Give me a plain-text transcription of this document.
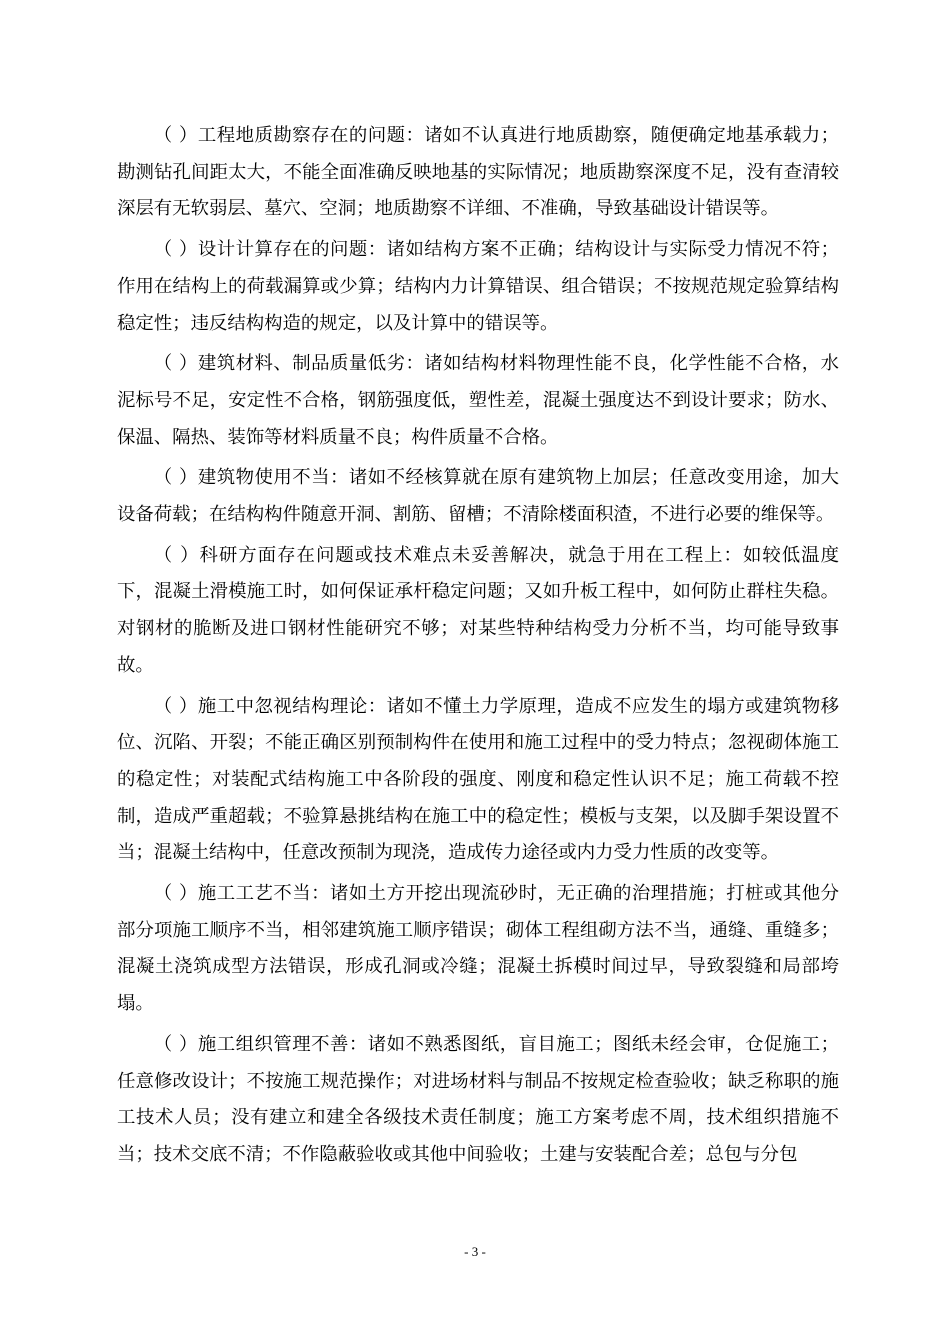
（ ）工程地质勘察存在的问题：诸如不认真进行地质勘察，随便确定地基承载力；勘测钻孔间距太大，不能全面准确反映地基的实际情况；地质勘察深度不足，没有查清较深层有无软弱层、墓穴、空洞；地质勘察不详细、不准确，导致基础设计错误等。

（ ）设计计算存在的问题：诸如结构方案不正确；结构设计与实际受力情况不符；作用在结构上的荷载漏算或少算；结构内力计算错误、组合错误；不按规范规定验算结构稳定性；违反结构构造的规定，以及计算中的错误等。

（ ）建筑材料、制品质量低劣：诸如结构材料物理性能不良，化学性能不合格，水泥标号不足，安定性不合格，钢筋强度低，塑性差，混凝土强度达不到设计要求；防水、保温、隔热、装饰等材料质量不良；构件质量不合格。

（ ）建筑物使用不当：诸如不经核算就在原有建筑物上加层；任意改变用途，加大设备荷载；在结构构件随意开洞、割筋、留槽；不清除楼面积渣，不进行必要的维保等。

（ ）科研方面存在问题或技术难点未妥善解决，就急于用在工程上：如较低温度下，混凝土滑模施工时，如何保证承杆稳定问题；又如升板工程中，如何防止群柱失稳。对钢材的脆断及进口钢材性能研究不够；对某些特种结构受力分析不当，均可能导致事故。

（ ）施工中忽视结构理论：诸如不懂土力学原理，造成不应发生的塌方或建筑物移位、沉陷、开裂；不能正确区别预制构件在使用和施工过程中的受力特点；忽视砌体施工的稳定性；对装配式结构施工中各阶段的强度、刚度和稳定性认识不足；施工荷载不控制，造成严重超载；不验算悬挑结构在施工中的稳定性；模板与支架，以及脚手架设置不当；混凝土结构中，任意改预制为现浇，造成传力途径或内力受力性质的改变等。

（ ）施工工艺不当：诸如土方开挖出现流砂时，无正确的治理措施；打桩或其他分部分项施工顺序不当，相邻建筑施工顺序错误；砌体工程组砌方法不当，通缝、重缝多；混凝土浇筑成型方法错误，形成孔洞或冷缝；混凝土拆模时间过早，导致裂缝和局部垮塌。

（ ）施工组织管理不善：诸如不熟悉图纸，盲目施工；图纸未经会审，仓促施工；任意修改设计；不按施工规范操作；对进场材料与制品不按规定检查验收；缺乏称职的施工技术人员；没有建立和建全各级技术责任制度；施工方案考虑不周，技术组织措施不当；技术交底不清；不作隐蔽验收或其他中间验收；土建与安装配合差；总包与分包

- 3 -
